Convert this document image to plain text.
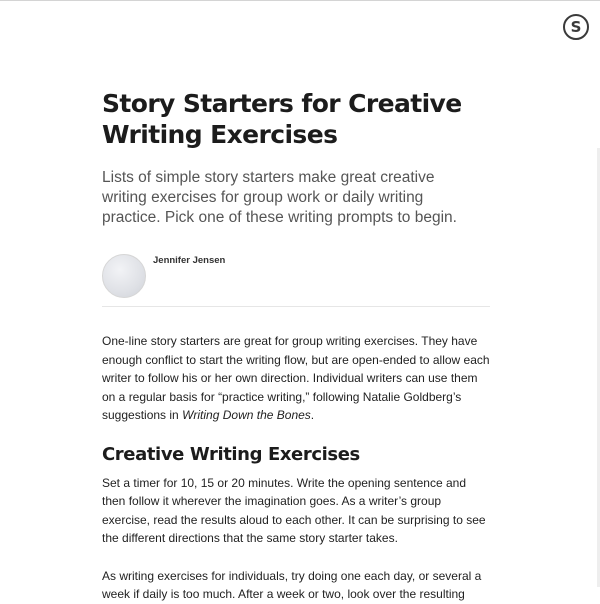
S
Story Starters for Creative Writing Exercises

Lists of simple story starters make great creative writing exercises for group work or daily writing practice. Pick one of these writing prompts to begin.

Jennifer Jensen

One-line story starters are great for group writing exercises. They have enough conflict to start the writing flow, but are open-ended to allow each writer to follow his or her own direction. Individual writers can use them on a regular basis for “practice writing,” following Natalie Goldberg’s suggestions in Writing Down the Bones.

Creative Writing Exercises

Set a timer for 10, 15 or 20 minutes. Write the opening sentence and then follow it wherever the imagination goes. As a writer’s group exercise, read the results aloud to each other. It can be surprising to see the different directions that the same story starter takes.

As writing exercises for individuals, try doing one each day, or several a week if daily is too much. After a week or two, look over the resulting
